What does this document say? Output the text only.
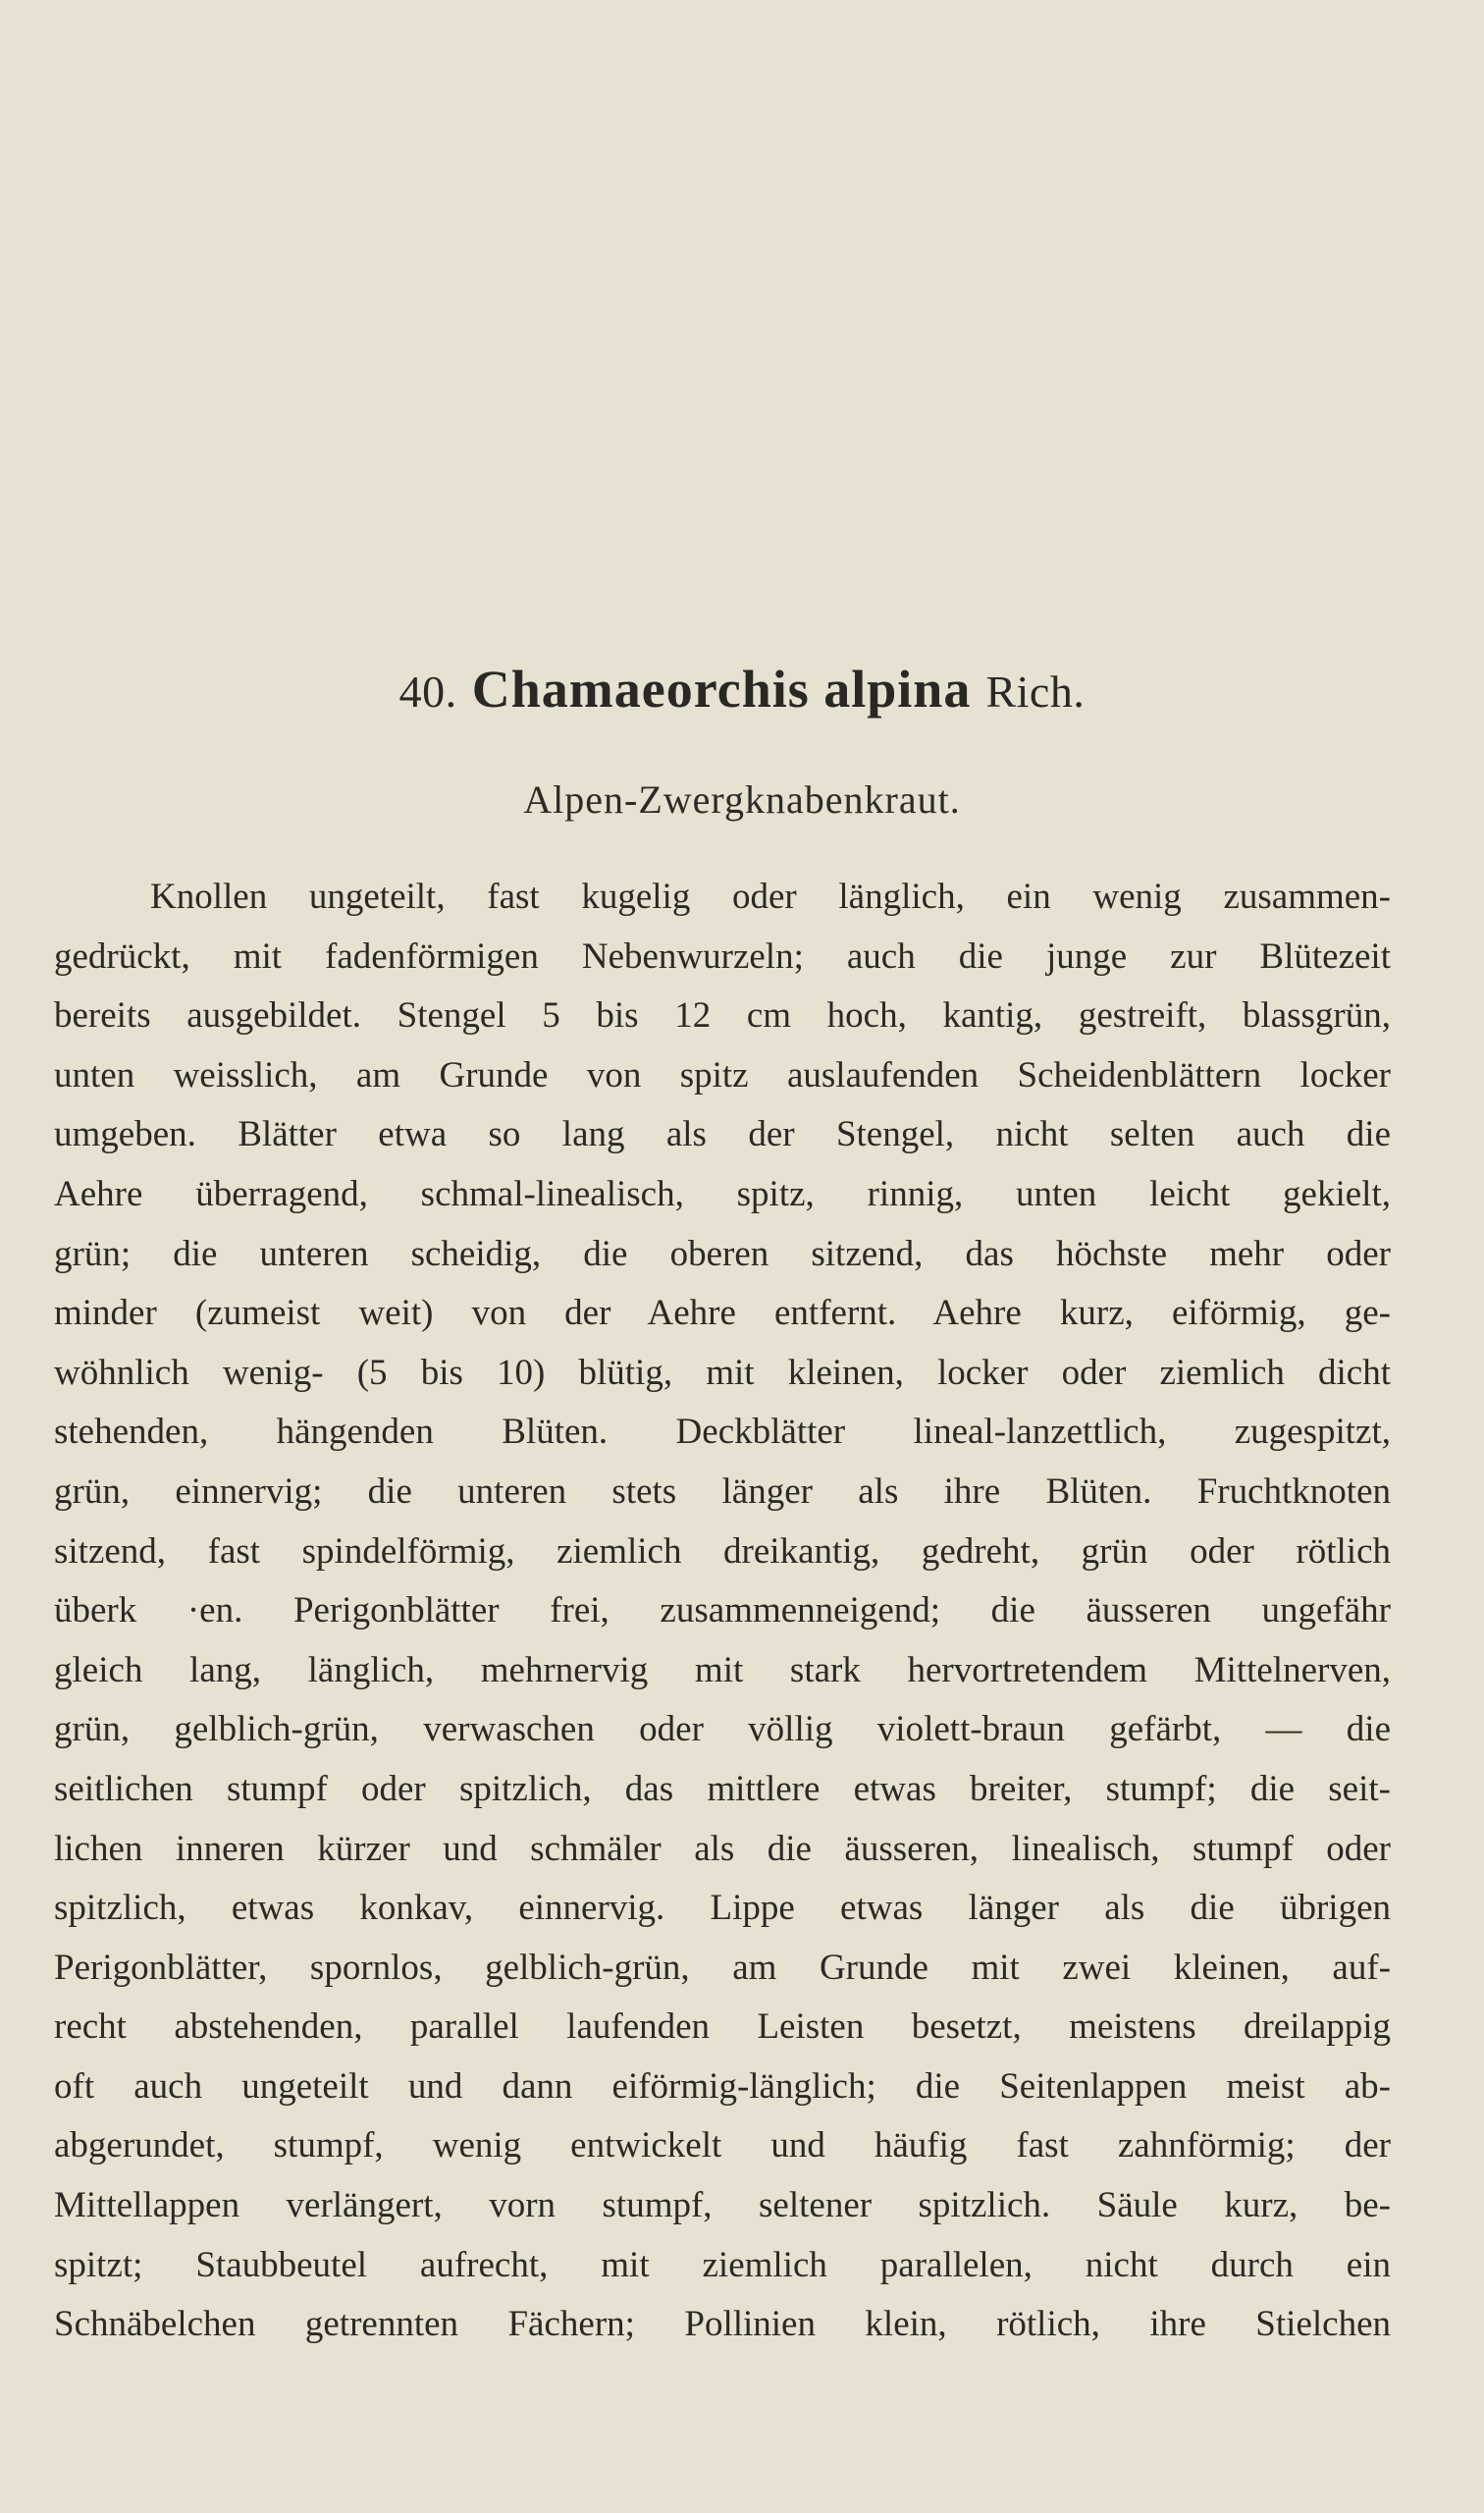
40. Chamaeorchis alpina Rich.
Alpen-Zwergknabenkraut.
Knollen ungeteilt, fast kugelig oder länglich, ein wenig zusammen-
gedrückt, mit fadenförmigen Nebenwurzeln; auch die junge zur Blütezeit
bereits ausgebildet. Stengel 5 bis 12 cm hoch, kantig, gestreift, blassgrün,
unten weisslich, am Grunde von spitz auslaufenden Scheidenblättern locker
umgeben. Blätter etwa so lang als der Stengel, nicht selten auch die
Aehre überragend, schmal-linealisch, spitz, rinnig, unten leicht gekielt,
grün; die unteren scheidig, die oberen sitzend, das höchste mehr oder
minder (zumeist weit) von der Aehre entfernt. Aehre kurz, eiförmig, ge-
wöhnlich wenig- (5 bis 10) blütig, mit kleinen, locker oder ziemlich dicht
stehenden, hängenden Blüten. Deckblätter lineal-lanzettlich, zugespitzt,
grün, einnervig; die unteren stets länger als ihre Blüten. Fruchtknoten
sitzend, fast spindelförmig, ziemlich dreikantig, gedreht, grün oder rötlich
überk ·en. Perigonblätter frei, zusammenneigend; die äusseren ungefähr
gleich lang, länglich, mehrnervig mit stark hervortretendem Mittelnerven,
grün, gelblich-grün, verwaschen oder völlig violett-braun gefärbt, — die
seitlichen stumpf oder spitzlich, das mittlere etwas breiter, stumpf; die seit-
lichen inneren kürzer und schmäler als die äusseren, linealisch, stumpf oder
spitzlich, etwas konkav, einnervig. Lippe etwas länger als die übrigen
Perigonblätter, spornlos, gelblich-grün, am Grunde mit zwei kleinen, auf-
recht abstehenden, parallel laufenden Leisten besetzt, meistens dreilappig
oft auch ungeteilt und dann eiförmig-länglich; die Seitenlappen meist ab-
abgerundet, stumpf, wenig entwickelt und häufig fast zahnförmig; der
Mittellappen verlängert, vorn stumpf, seltener spitzlich. Säule kurz, be-
spitzt; Staubbeutel aufrecht, mit ziemlich parallelen, nicht durch ein
Schnäbelchen getrennten Fächern; Pollinien klein, rötlich, ihre Stielchen
